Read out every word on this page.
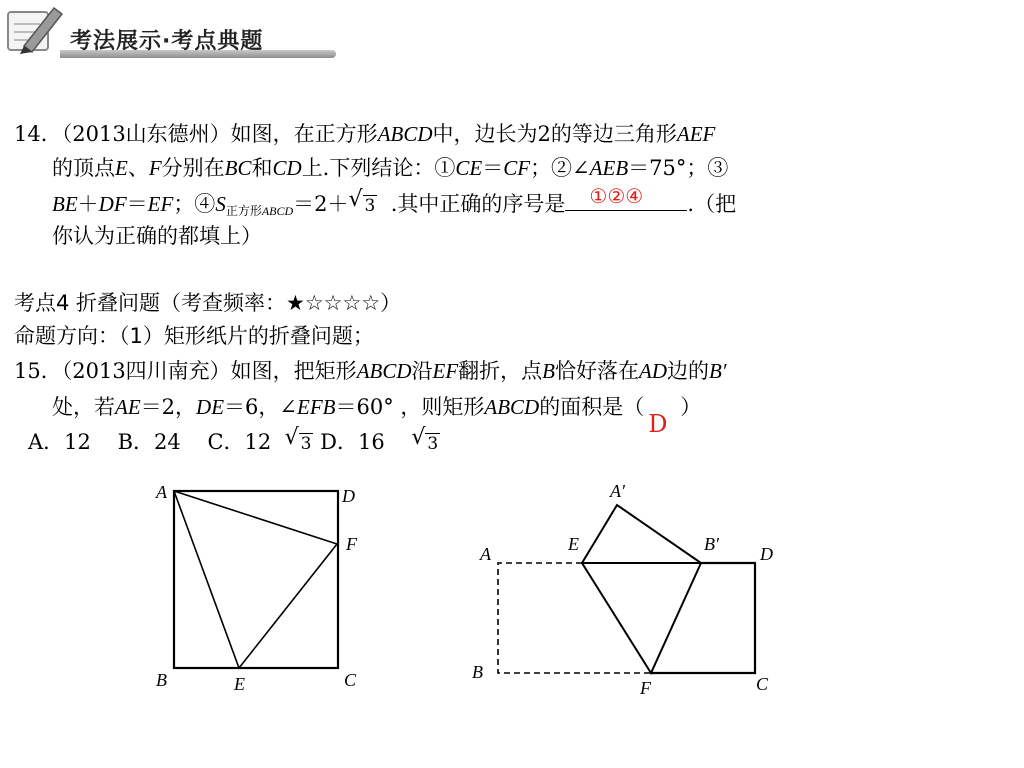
考法展示·考点典题
14．（2013山东德州）如图，在正方形ABCD中，边长为2的等边三角形AEF
的顶点E、F分别在BC和CD上.下列结论：①CE＝CF；②∠AEB＝75°；③
BE＋DF＝EF；$④S_{正方形ABCD}=2+$ √ 3 .其中正确的序号是 ①②④ .（把
你认为正确的都填上）
考点4 折叠问题（考查频率：★☆☆☆☆）
命题方向：（1）矩形纸片的折叠问题；
15．（2013四川南充）如图，把矩形ABCD沿EF翻折，点B恰好落在AD边的B′
处，若AE＝2，DE＝6，∠EFB＝60° ，则矩形ABCD的面积是（
D
）
A．12 B．24 C．12 √ 3 D．16 √ 3
A	D
F
B	E	C
A′
A	E	B′ D
B
F	C
